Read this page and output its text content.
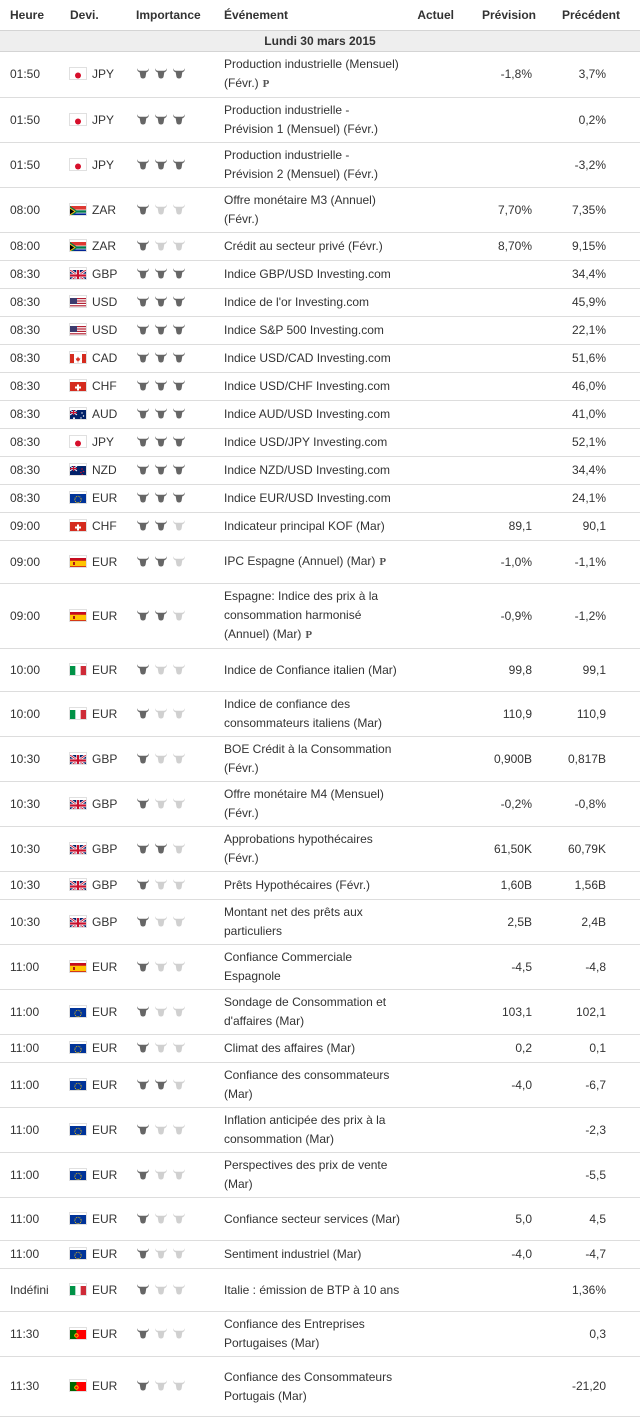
Heure	Devi.	Importance	Événement	Actuel	Prévision	Précédent
Lundi 30 mars 2015						
01:50	JPY		Production industrielle (Mensuel) (Févr.) P		-1,8%	3,7%
01:50	JPY		Production industrielle - Prévision 1 (Mensuel) (Févr.)			0,2%
01:50	JPY		Production industrielle - Prévision 2 (Mensuel) (Févr.)			-3,2%
08:00	ZAR		Offre monétaire M3 (Annuel) (Févr.)		7,70%	7,35%
08:00	ZAR		Crédit au secteur privé (Févr.)		8,70%	9,15%
08:30	GBP		Indice GBP/USD Investing.com			34,4%
08:30	USD		Indice de l'or Investing.com			45,9%
08:30	USD		Indice S&P 500 Investing.com			22,1%
08:30	CAD		Indice USD/CAD Investing.com			51,6%
08:30	CHF		Indice USD/CHF Investing.com			46,0%
08:30	AUD		Indice AUD/USD Investing.com			41,0%
08:30	JPY		Indice USD/JPY Investing.com			52,1%
08:30	NZD		Indice NZD/USD Investing.com			34,4%
08:30	EUR		Indice EUR/USD Investing.com			24,1%
09:00	CHF		Indicateur principal KOF (Mar)		89,1	90,1
09:00	EUR		IPC Espagne (Annuel) (Mar) P		-1,0%	-1,1%
09:00	EUR		Espagne: Indice des prix à la consommation harmonisé (Annuel) (Mar) P		-0,9%	-1,2%
10:00	EUR		Indice de Confiance italien (Mar)		99,8	99,1
10:00	EUR		Indice de confiance des consommateurs italiens (Mar)		110,9	110,9
10:30	GBP		BOE Crédit à la Consommation (Févr.)		0,900B	0,817B
10:30	GBP		Offre monétaire M4 (Mensuel) (Févr.)		-0,2%	-0,8%
10:30	GBP		Approbations hypothécaires (Févr.)		61,50K	60,79K
10:30	GBP		Prêts Hypothécaires (Févr.)		1,60B	1,56B
10:30	GBP		Montant net des prêts aux particuliers		2,5B	2,4B
11:00	EUR		Confiance Commerciale Espagnole		-4,5	-4,8
11:00	EUR		Sondage de Consommation et d'affaires (Mar)		103,1	102,1
11:00	EUR		Climat des affaires (Mar)		0,2	0,1
11:00	EUR		Confiance des consommateurs (Mar)		-4,0	-6,7
11:00	EUR		Inflation anticipée des prix à la consommation (Mar)			-2,3
11:00	EUR		Perspectives des prix de vente (Mar)			-5,5
11:00	EUR		Confiance secteur services (Mar)		5,0	4,5
11:00	EUR		Sentiment industriel (Mar)		-4,0	-4,7
Indéfini	EUR		Italie : émission de BTP à 10 ans			1,36%
11:30	EUR		Confiance des Entreprises Portugaises (Mar)			0,3
11:30	EUR		Confiance des Consommateurs Portugais (Mar)			-21,20
